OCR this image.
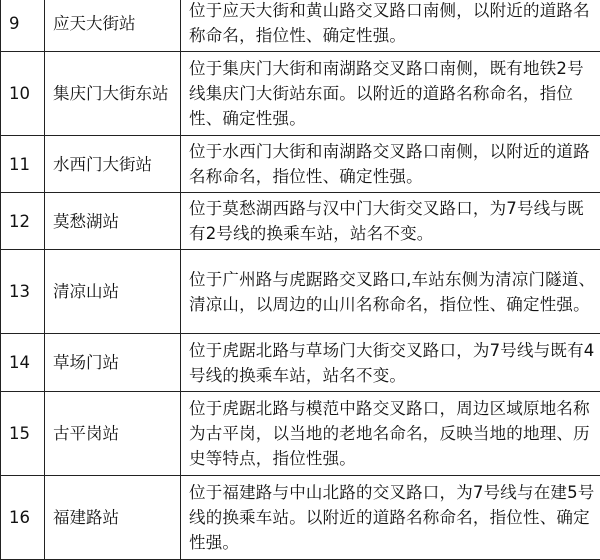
9	应天大街站	位于应天大街和黄山路交叉路口南侧，以附近的道路名称命名，指位性、确定性强。
10	集庆门大街东站	位于集庆门大街和南湖路交叉路口南侧，既有地铁2号线集庆门大街站东面。以附近的道路名称命名，指位性、确定性强。
11	水西门大街站	位于水西门大街和南湖路交叉路口南侧，以附近的道路名称命名，指位性、确定性强。
12	莫愁湖站	位于莫愁湖西路与汉中门大街交叉路口，为7号线与既有2号线的换乘车站，站名不变。
13	清凉山站	位于广州路与虎踞路交叉路口,车站东侧为清凉门隧道、清凉山，以周边的山川名称命名，指位性、确定性强。
14	草场门站	位于虎踞北路与草场门大街交叉路口，为7号线与既有4号线的换乘车站，站名不变。
15	古平岗站	位于虎踞北路与模范中路交叉路口，周边区域原地名称为古平岗，以当地的老地名命名，反映当地的地理、历史等特点，指位性强。
16	福建路站	位于福建路与中山北路的交叉路口，为7号线与在建5号线的换乘车站。以附近的道路名称命名，指位性、确定性强。
